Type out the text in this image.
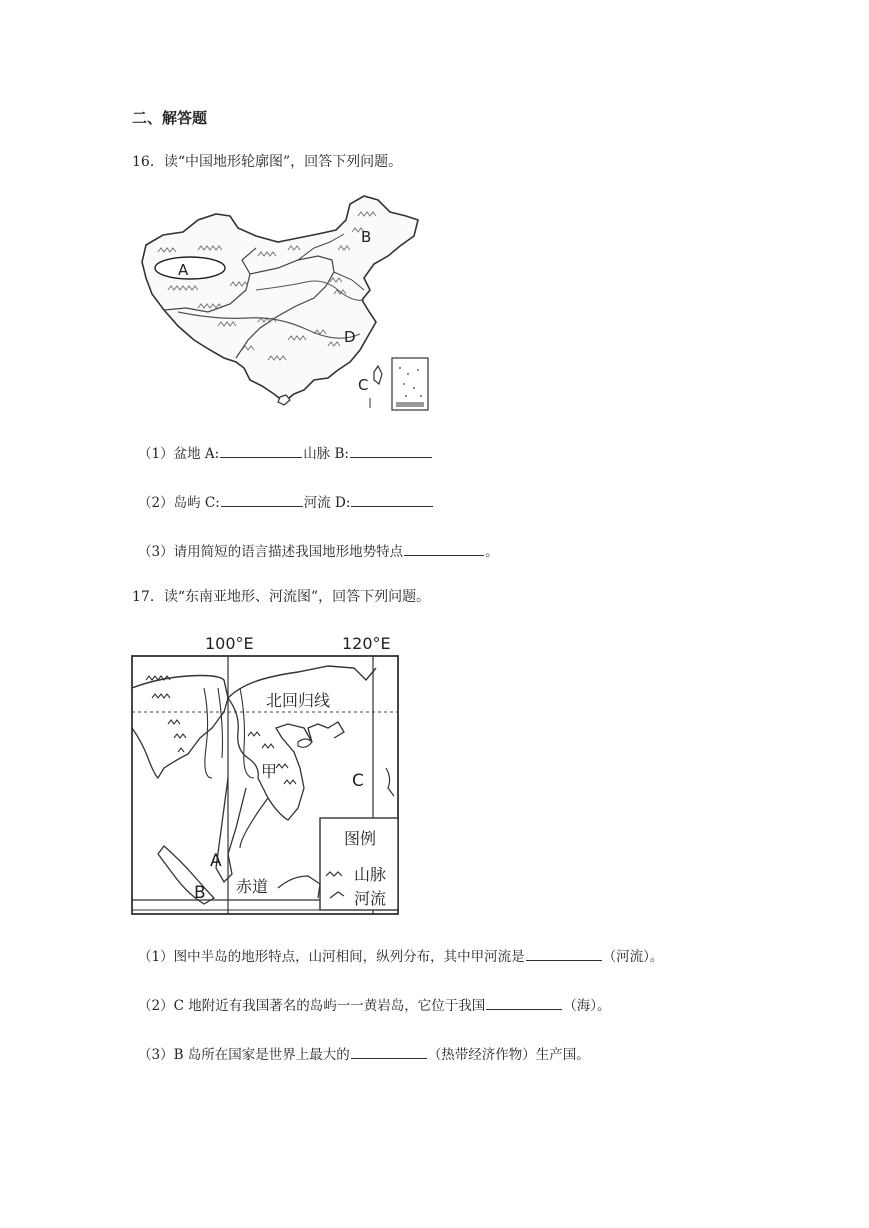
二、解答题
16．读“中国地形轮廓图”，回答下列问题。
A
B
D
C
（1）盆地 A:	山脉 B:
（2）岛屿 C:	河流 D:
（3）请用简短的语言描述我国地形地势特点	。
17．读“东南亚地形、河流图”，回答下列问题。
100°E	120°E
北回归线
赤道
甲	C
A
B
图例
山脉
河流
（1）图中半岛的地形特点，山河相间，纵列分布，其中甲河流是	（河流）。
（2）C 地附近有我国著名的岛屿一一黄岩岛，它位于我国	（海）。
（3）B 岛所在国家是世界上最大的	（热带经济作物）生产国。
